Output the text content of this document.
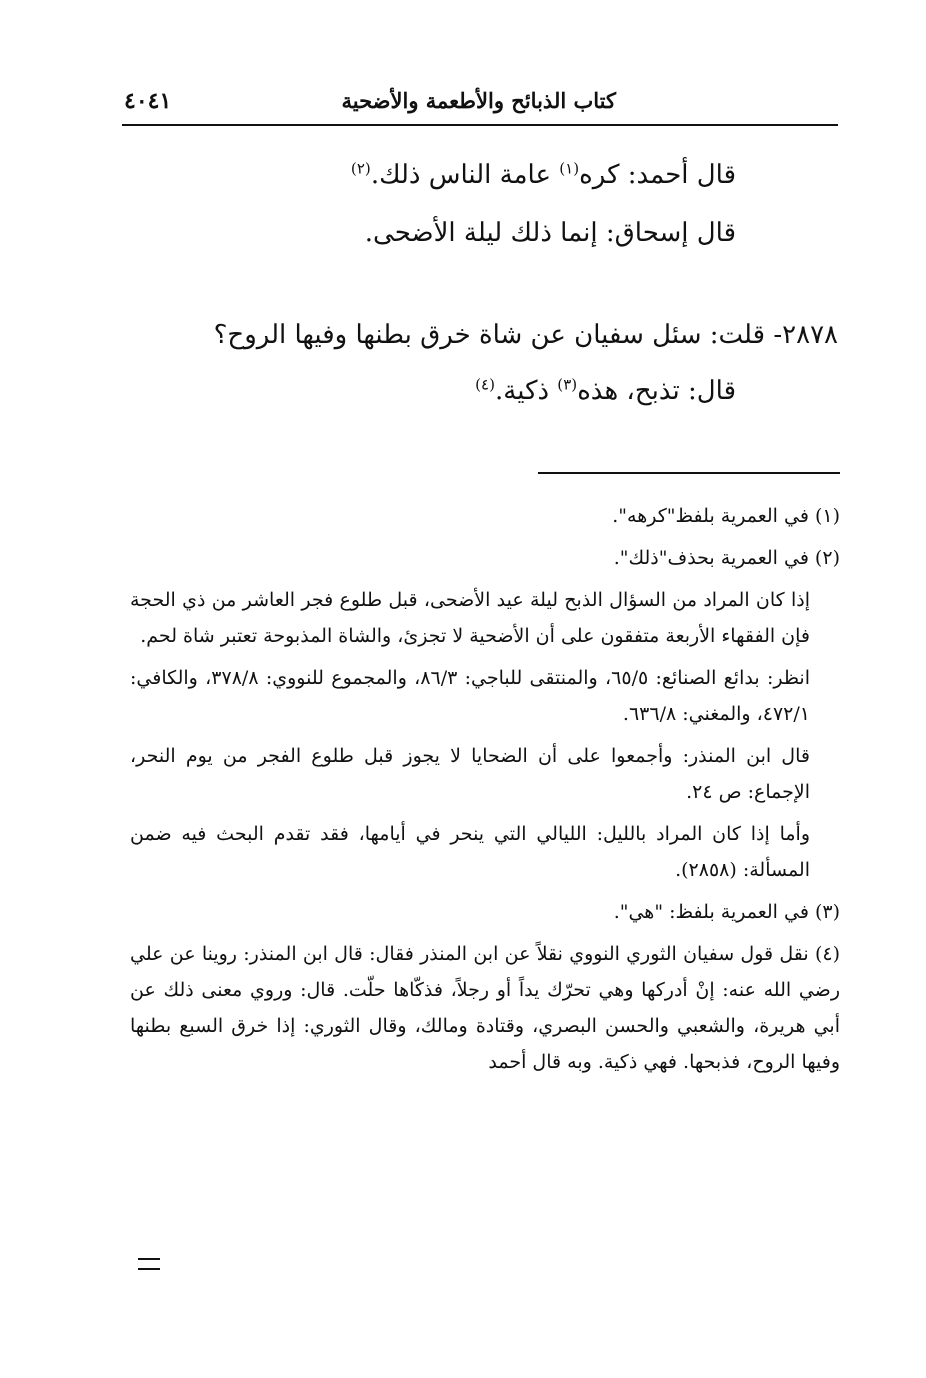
كتاب الذبائح والأطعمة والأضحية
٤٠٤١
قال أحمد: كره$^{(١)}$ عامة الناس ذلك.$^{(٢)}$
قال إسحاق: إنما ذلك ليلة الأضحى.
٢٨٧٨- قلت: سئل سفيان عن شاة خرق بطنها وفيها الروح؟
قال: تذبح، هذه$^{(٣)}$ ذكية.$^{(٤)}$

(١) في العمرية بلفظ"كرهه".

(٢) في العمرية بحذف"ذلك".

إذا كان المراد من السؤال الذبح ليلة عيد الأضحى، قبل طلوع فجر العاشر من ذي الحجة فإن الفقهاء الأربعة متفقون على أن الأضحية لا تجزئ، والشاة المذبوحة تعتبر شاة لحم.

انظر: بدائع الصنائع: ٦٥/٥، والمنتقى للباجي: ٨٦/٣، والمجموع للنووي: ٣٧٨/٨، والكافي: ٤٧٢/١، والمغني: ٦٣٦/٨.

قال ابن المنذر: وأجمعوا على أن الضحايا لا يجوز قبل طلوع الفجر من يوم النحر، الإجماع: ص ٢٤.

وأما إذا كان المراد بالليل: الليالي التي ينحر في أيامها، فقد تقدم البحث فيه ضمن المسألة: (٢٨٥٨).

(٣) في العمرية بلفظ: "هي".

(٤) نقل قول سفيان الثوري النووي نقلاً عن ابن المنذر فقال: قال ابن المنذر: روينا عن علي رضي الله عنه: إنْ أدركها وهي تحرّك يداً أو رجلاً، فذكّاها حلّت. قال: وروي معنى ذلك عن أبي هريرة، والشعبي والحسن البصري، وقتادة ومالك، وقال الثوري: إذا خرق السبع بطنها وفيها الروح، فذبحها. فهي ذكية. وبه قال أحمد
